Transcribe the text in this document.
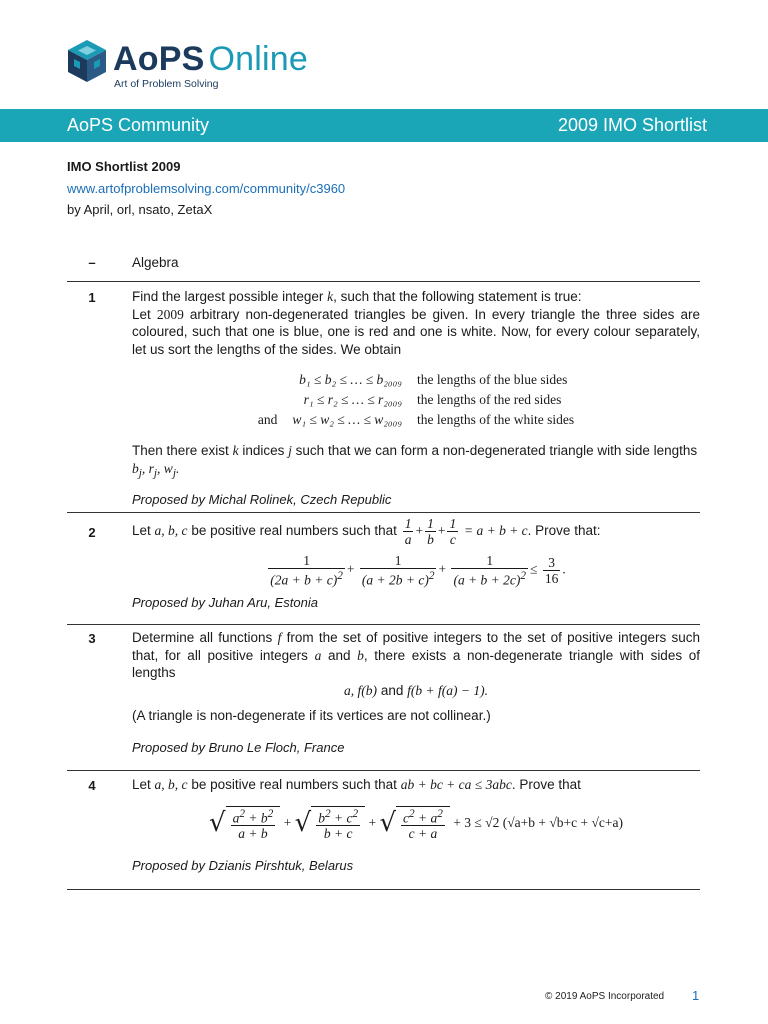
AoPS Online
Art of Problem Solving
AoPS Community	2009 IMO Shortlist
IMO Shortlist 2009
www.artofproblemsolving.com/community/c3960
by April, orl, nsato, ZetaX
–	Algebra
1	Find the largest possible integer k, such that the following statement is true:
Let 2009 arbitrary non-degenerated triangles be given. In every triangle the three sides are coloured, such that one is blue, one is red and one is white. Now, for every colour separately, let us sort the lengths of the sides. We obtain
	b₁ ≤ b₂ ≤ … ≤ b₂₀₀₉	the lengths of the blue sides
	r₁ ≤ r₂ ≤ … ≤ r₂₀₀₉	the lengths of the red sides
and	w₁ ≤ w₂ ≤ … ≤ w₂₀₀₉	the lengths of the white sides
Then there exist k indices j such that we can form a non-degenerated triangle with side lengths
$b_j$, $r_j$, $w_j$.
Proposed by Michal Rolinek, Czech Republic
2	Let a, b, c be positive real numbers such that $\frac{1}{a} + \frac{1}{b} + \frac{1}{c} = a + b + c$. Prove that:
$\frac{1}{(2a + b + c)^2} + \frac{1}{(a + 2b + c)^2} + \frac{1}{(a + b + 2c)^2} \le \frac{3}{16}$ .
Proposed by Juhan Aru, Estonia
3	Determine all functions f from the set of positive integers to the set of positive integers such that, for all positive integers a and b, there exists a non-degenerate triangle with sides of lengths
a, f(b) and f(b + f(a) − 1).
(A triangle is non-degenerate if its vertices are not collinear.)
Proposed by Bruno Le Floch, France
4	Let a, b, c be positive real numbers such that ab + bc + ca ≤ 3abc. Prove that
√ $\frac{a^2 + b^2}{a + b}$ + √ $\frac{b^2 + c^2}{b + c}$ + √ $\frac{c^2 + a^2}{c + a} + 3 \le √2$ (√a+b + √b+c + √c+a)
Proposed by Dzianis Pirshtuk, Belarus
© 2019 AoPS Incorporated 1
